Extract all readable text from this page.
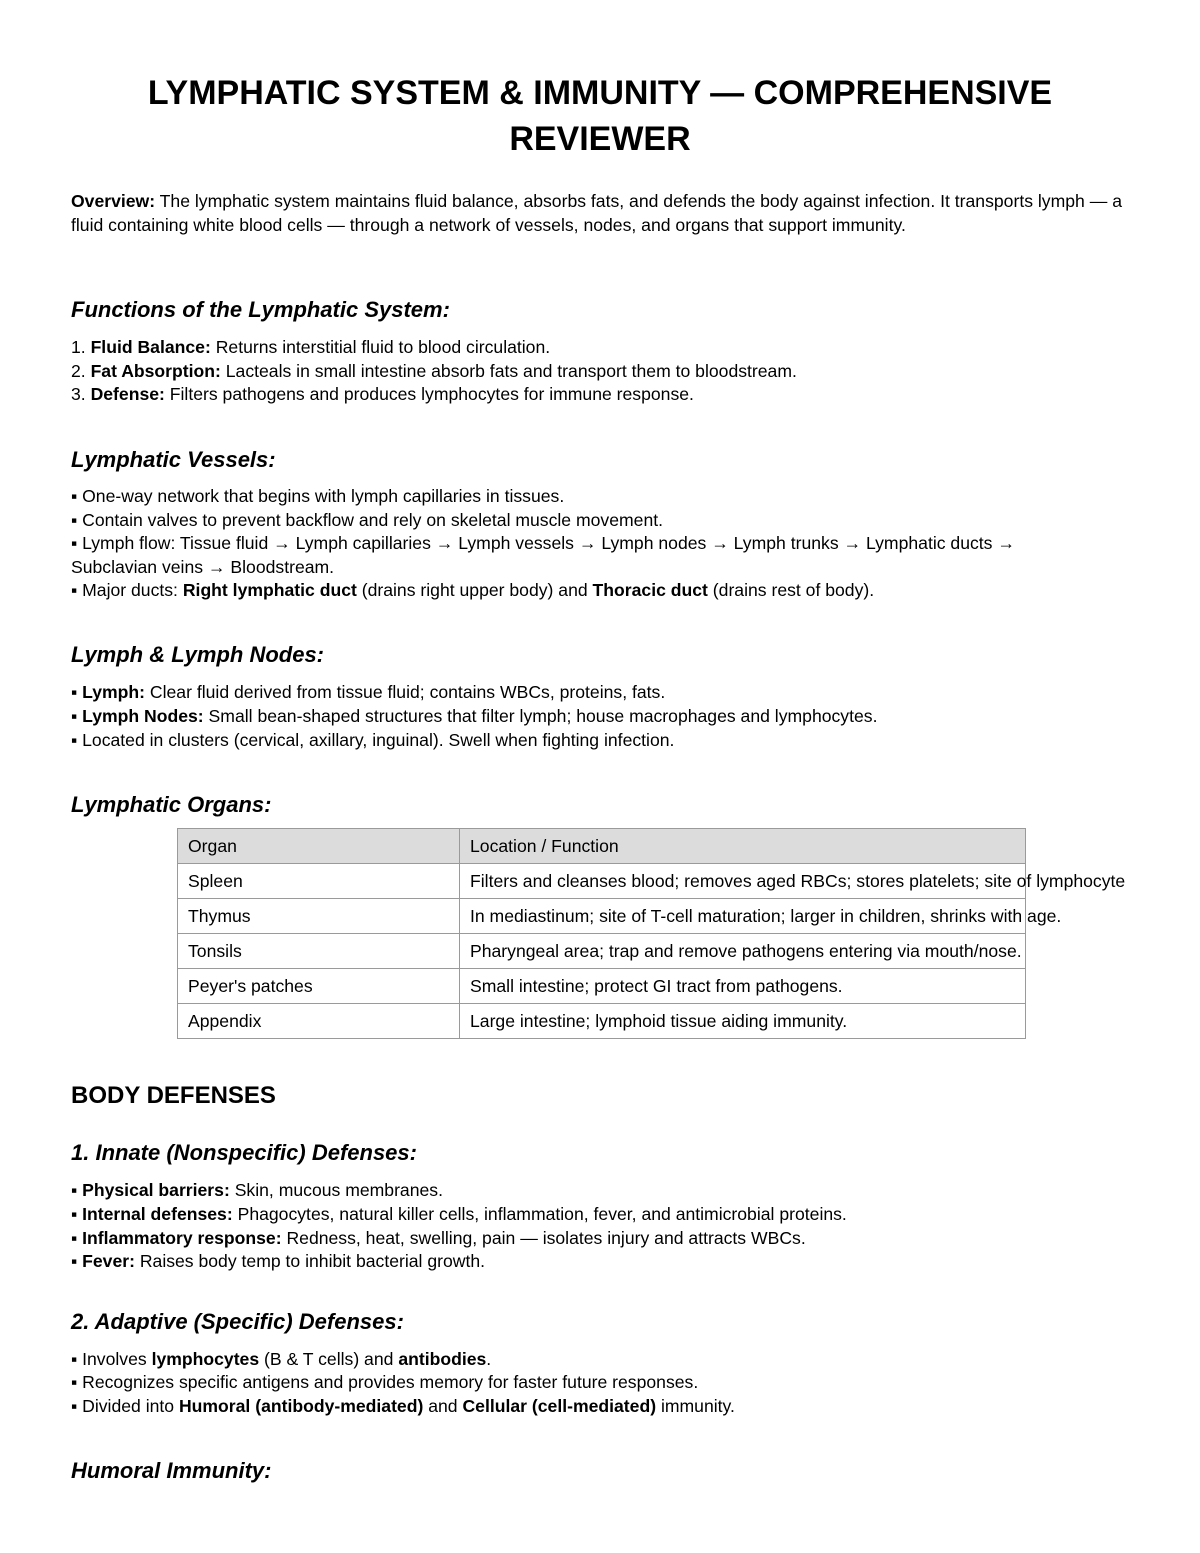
LYMPHATIC SYSTEM & IMMUNITY — COMPREHENSIVE
REVIEWER

Overview: The lymphatic system maintains fluid balance, absorbs fats, and defends the body against infection. It transports lymph — a fluid containing white blood cells — through a network of vessels, nodes, and organs that support immunity.

Functions of the Lymphatic System:
1. Fluid Balance: Returns interstitial fluid to blood circulation.
2. Fat Absorption: Lacteals in small intestine absorb fats and transport them to bloodstream.
3. Defense: Filters pathogens and produces lymphocytes for immune response.
Lymphatic Vessels:
▪ One-way network that begins with lymph capillaries in tissues.
▪ Contain valves to prevent backflow and rely on skeletal muscle movement.
▪ Lymph flow: Tissue fluid → Lymph capillaries → Lymph vessels → Lymph nodes → Lymph trunks → Lymphatic ducts →
Subclavian veins → Bloodstream.
▪ Major ducts: Right lymphatic duct (drains right upper body) and Thoracic duct (drains rest of body).
Lymph & Lymph Nodes:
▪ Lymph: Clear fluid derived from tissue fluid; contains WBCs, proteins, fats.
▪ Lymph Nodes: Small bean-shaped structures that filter lymph; house macrophages and lymphocytes.
▪ Located in clusters (cervical, axillary, inguinal). Swell when fighting infection.
Lymphatic Organs:
Organ	Location / Function
Spleen	Filters and cleanses blood; removes aged RBCs; stores platelets; site of lymphocyte
Thymus	In mediastinum; site of T-cell maturation; larger in children, shrinks with age.
Tonsils	Pharyngeal area; trap and remove pathogens entering via mouth/nose.
Peyer's patches	Small intestine; protect GI tract from pathogens.
Appendix	Large intestine; lymphoid tissue aiding immunity.
BODY DEFENSES
1. Innate (Nonspecific) Defenses:
▪ Physical barriers: Skin, mucous membranes.
▪ Internal defenses: Phagocytes, natural killer cells, inflammation, fever, and antimicrobial proteins.
▪ Inflammatory response: Redness, heat, swelling, pain — isolates injury and attracts WBCs.
▪ Fever: Raises body temp to inhibit bacterial growth.
2. Adaptive (Specific) Defenses:
▪ Involves lymphocytes (B & T cells) and antibodies.
▪ Recognizes specific antigens and provides memory for faster future responses.
▪ Divided into Humoral (antibody-mediated) and Cellular (cell-mediated) immunity.
Humoral Immunity:
